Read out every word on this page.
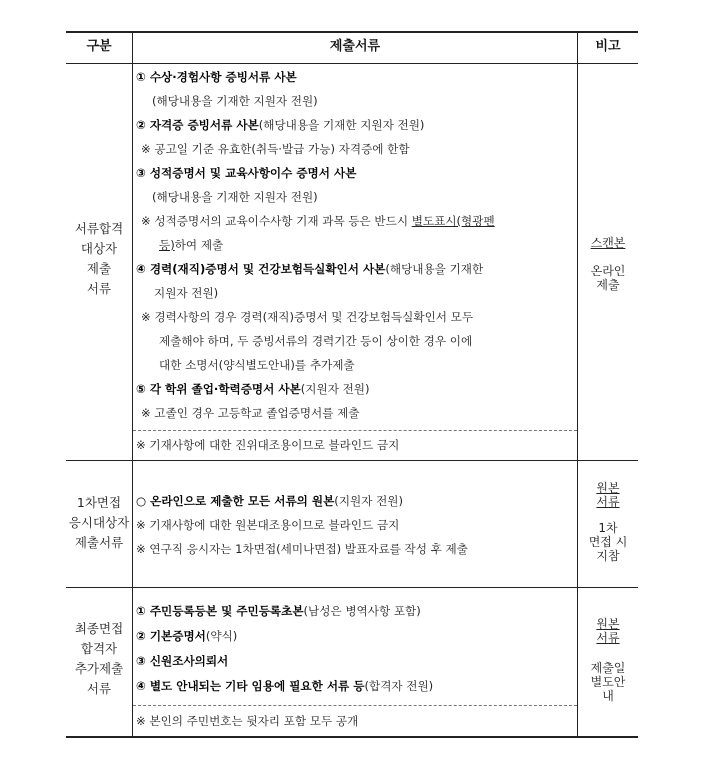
구분	제출서류	비고
서류합격
대상자
제출
서류
스캔본
온라인
제출
① 수상·경험사항 증빙서류 사본
(해당내용을 기재한 지원자 전원)
② 자격증 증빙서류 사본(해당내용을 기재한 지원자 전원)
※ 공고일 기준 유효한(취득·발급 가능) 자격증에 한함
③ 성적증명서 및 교육사항이수 증명서 사본
(해당내용을 기재한 지원자 전원)
※ 성적증명서의 교육이수사항 기재 과목 등은 반드시 별도표시(형광펜
등)하여 제출
④ 경력(재직)증명서 및 건강보험득실확인서 사본(해당내용을 기재한
지원자 전원)
※ 경력사항의 경우 경력(재직)증명서 및 건강보험득실확인서 모두
제출해야 하며, 두 증빙서류의 경력기간 등이 상이한 경우 이에
대한 소명서(양식별도안내)를 추가제출
⑤ 각 학위 졸업·학력증명서 사본(지원자 전원)
※ 고졸인 경우 고등학교 졸업증명서를 제출
※ 기재사항에 대한 진위대조용이므로 블라인드 금지
1차면접
응시대상자
제출서류
원본
서류
1차
면접 시
지참
○ 온라인으로 제출한 모든 서류의 원본(지원자 전원)
※ 기재사항에 대한 원본대조용이므로 블라인드 금지
※ 연구직 응시자는 1차면접(세미나면접) 발표자료를 작성 후 제출
최종면접
합격자
추가제출
서류
원본
서류
제출일
별도안
내
① 주민등록등본 및 주민등록초본(남성은 병역사항 포함)
② 기본증명서(약식)
③ 신원조사의뢰서
④ 별도 안내되는 기타 임용에 필요한 서류 등(합격자 전원)
※ 본인의 주민번호는 뒷자리 포함 모두 공개
